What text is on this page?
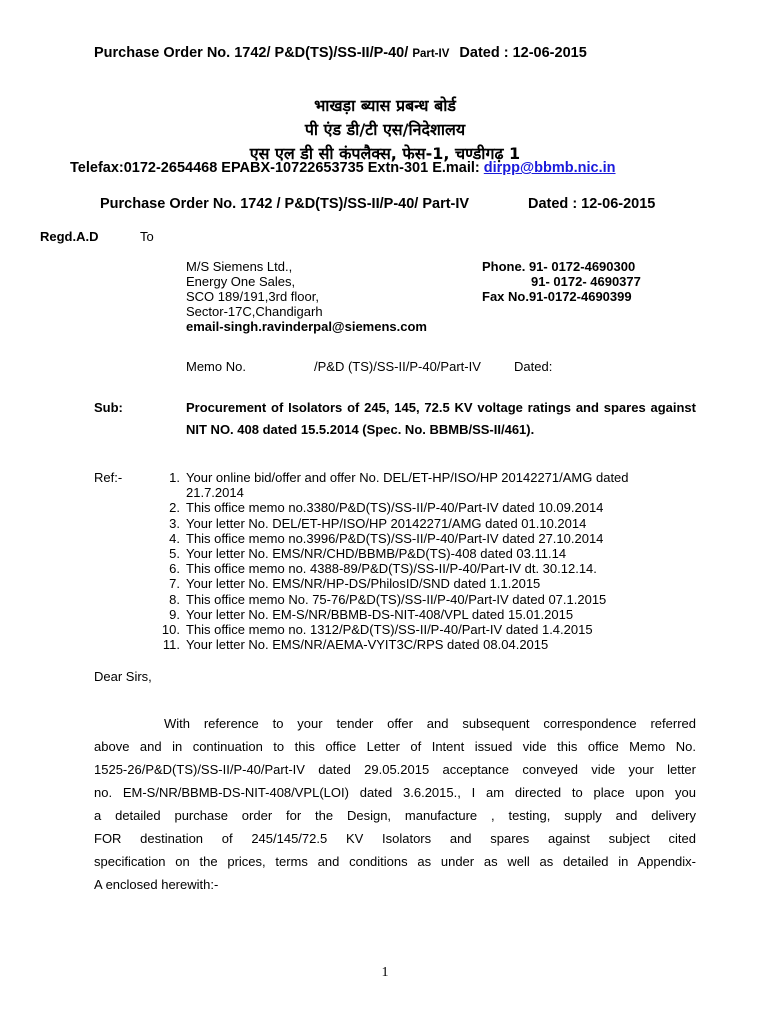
Purchase Order No. 1742/ P&D(TS)/SS-II/P-40/ Part-IV Dated : 12-06-2015
भाखड़ा ब्यास प्रबन्ध बोर्ड
पी एंड डी/टी एस/निदेशालय
एस एल डी सी कंपलैक्स, फेस-1, चण्डीगढ़ 1
Telefax:0172-2654468 EPABX-10722653735 Extn-301 E.mail: dirpp@bbmb.nic.in
Purchase Order No. 1742 / P&D(TS)/SS-II/P-40/ Part-IV	Dated : 12-06-2015
Regd.A.D	To
M/S Siemens Ltd.,
Energy One Sales,
SCO 189/191,3rd floor,
Sector-17C,Chandigarh
email-singh.ravinderpal@siemens.com
Phone. 91- 0172-4690300
91- 0172- 4690377
Fax No.91-0172-4690399
Memo No.	/P&D (TS)/SS-II/P-40/Part-IV	Dated:
Sub:	Procurement of Isolators of 245, 145, 72.5 KV voltage ratings and spares against NIT NO. 408 dated 15.5.2014 (Spec. No. BBMB/SS-II/461).
Ref:-	1. Your online bid/offer and offer No. DEL/ET-HP/ISO/HP 20142271/AMG dated
21.7.2014
2. This office memo no.3380/P&D(TS)/SS-II/P-40/Part-IV dated 10.09.2014
3. Your letter No. DEL/ET-HP/ISO/HP 20142271/AMG dated 01.10.2014
4. This office memo no.3996/P&D(TS)/SS-II/P-40/Part-IV dated 27.10.2014
5. Your letter No. EMS/NR/CHD/BBMB/P&D(TS)-408 dated 03.11.14
6. This office memo no. 4388-89/P&D(TS)/SS-II/P-40/Part-IV dt. 30.12.14.
7. Your letter No. EMS/NR/HP-DS/PhilosID/SND dated 1.1.2015
8. This office memo No. 75-76/P&D(TS)/SS-II/P-40/Part-IV dated 07.1.2015
9. Your letter No. EM-S/NR/BBMB-DS-NIT-408/VPL dated 15.01.2015
10. This office memo no. 1312/P&D(TS)/SS-II/P-40/Part-IV dated 1.4.2015
11. Your letter No. EMS/NR/AEMA-VYIT3C/RPS dated 08.04.2015
Dear Sirs,
With reference to your tender offer and subsequent correspondence referred
above and in continuation to this office Letter of Intent issued vide this office Memo No.
1525-26/P&D(TS)/SS-II/P-40/Part-IV dated 29.05.2015 acceptance conveyed vide your letter
no. EM-S/NR/BBMB-DS-NIT-408/VPL(LOI) dated 3.6.2015., I am directed to place upon you
a detailed purchase order for the Design, manufacture , testing, supply and delivery
FOR destination of 245/145/72.5 KV Isolators and spares against subject cited
specification on the prices, terms and conditions as under as well as detailed in Appendix-
A enclosed herewith:-
1
